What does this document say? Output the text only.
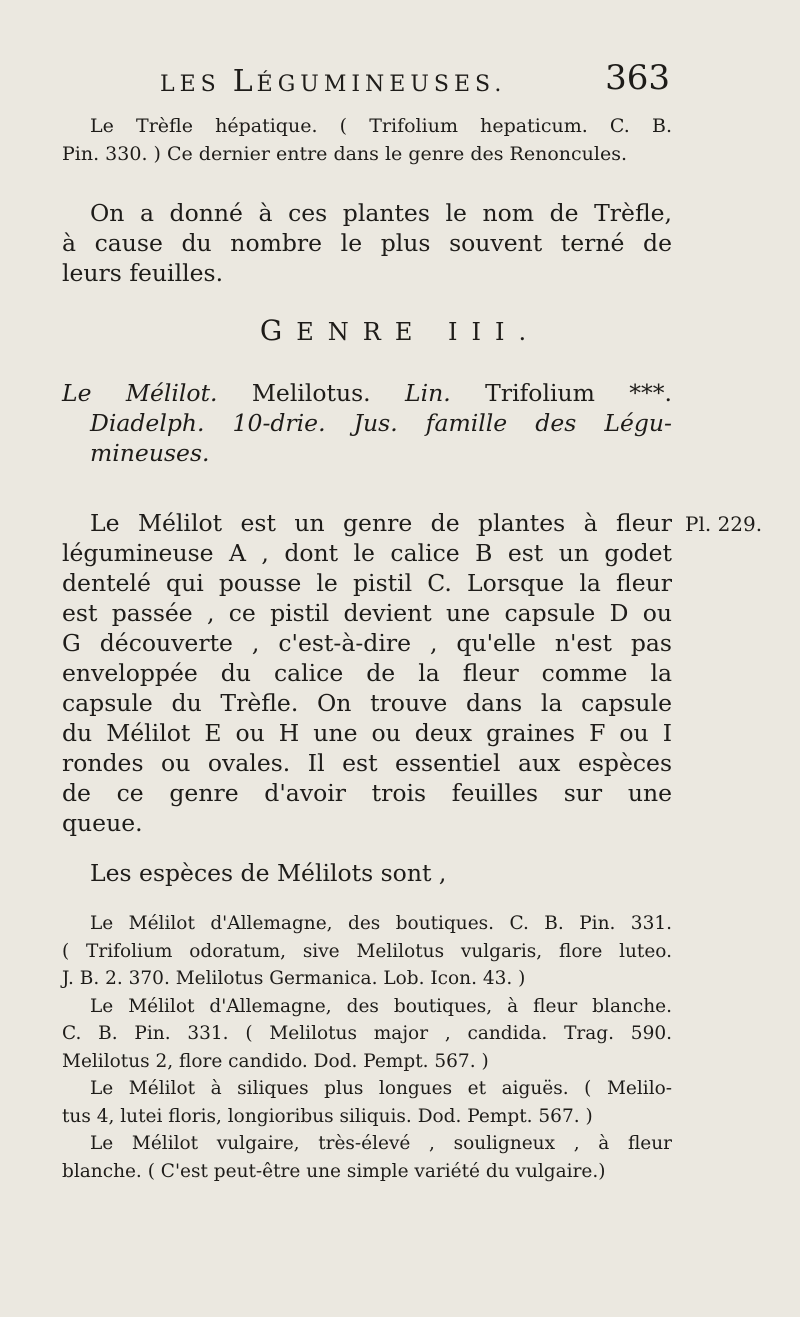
LES LÉGUMINEUSES.	363
Le Trèfle hépatique. ( Trifolium hepaticum. C. B.
Pin. 330. ) Ce dernier entre dans le genre des Renoncules.
On a donné à ces plantes le nom de Trèfle,
à cause du nombre le plus souvent terné de
leurs feuilles.
GENRE III.
Le Mélilot. Melilotus. Lin. Trifolium ***.
Diadelph. 10-drie. Jus. famille des Légu-
mineuses.
Pl. 229.
Le Mélilot est un genre de plantes à fleur
légumineuse A , dont le calice B est un godet
dentelé qui pousse le pistil C. Lorsque la fleur
est passée , ce pistil devient une capsule D ou
G découverte , c'est-à-dire , qu'elle n'est pas
enveloppée du calice de la fleur comme la
capsule du Trèfle. On trouve dans la capsule
du Mélilot E ou H une ou deux graines F ou I
rondes ou ovales. Il est essentiel aux espèces
de ce genre d'avoir trois feuilles sur une
queue.
Les espèces de Mélilots sont ,
Le Mélilot d'Allemagne, des boutiques. C. B. Pin. 331.
( Trifolium odoratum, sive Melilotus vulgaris, flore luteo.
J. B. 2. 370. Melilotus Germanica. Lob. Icon. 43. )
Le Mélilot d'Allemagne, des boutiques, à fleur blanche.
C. B. Pin. 331. ( Melilotus major , candida. Trag. 590.
Melilotus 2, flore candido. Dod. Pempt. 567. )
Le Mélilot à siliques plus longues et aiguës. ( Melilo-
tus 4, lutei floris, longioribus siliquis. Dod. Pempt. 567. )
Le Mélilot vulgaire, très-élevé , souligneux , à fleur
blanche. ( C'est peut-être une simple variété du vulgaire.)
